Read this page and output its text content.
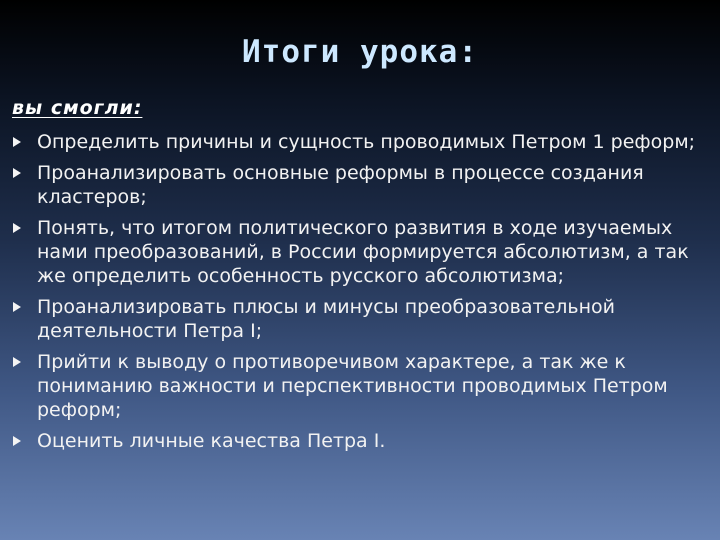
Итоги урока:
вы смогли:
Определить причины и сущность проводимых Петром 1 реформ;
Проанализировать основные реформы в процессе создания кластеров;
Понять, что итогом политического развития в ходе изучаемых нами преобразований, в России формируется абсолютизм, а так же определить особенность русского абсолютизма;
Проанализировать плюсы и минусы преобразовательной деятельности Петра I;
Прийти к выводу о противоречивом характере, а так же к пониманию важности и перспективности проводимых Петром реформ;
Оценить личные качества Петра I.
